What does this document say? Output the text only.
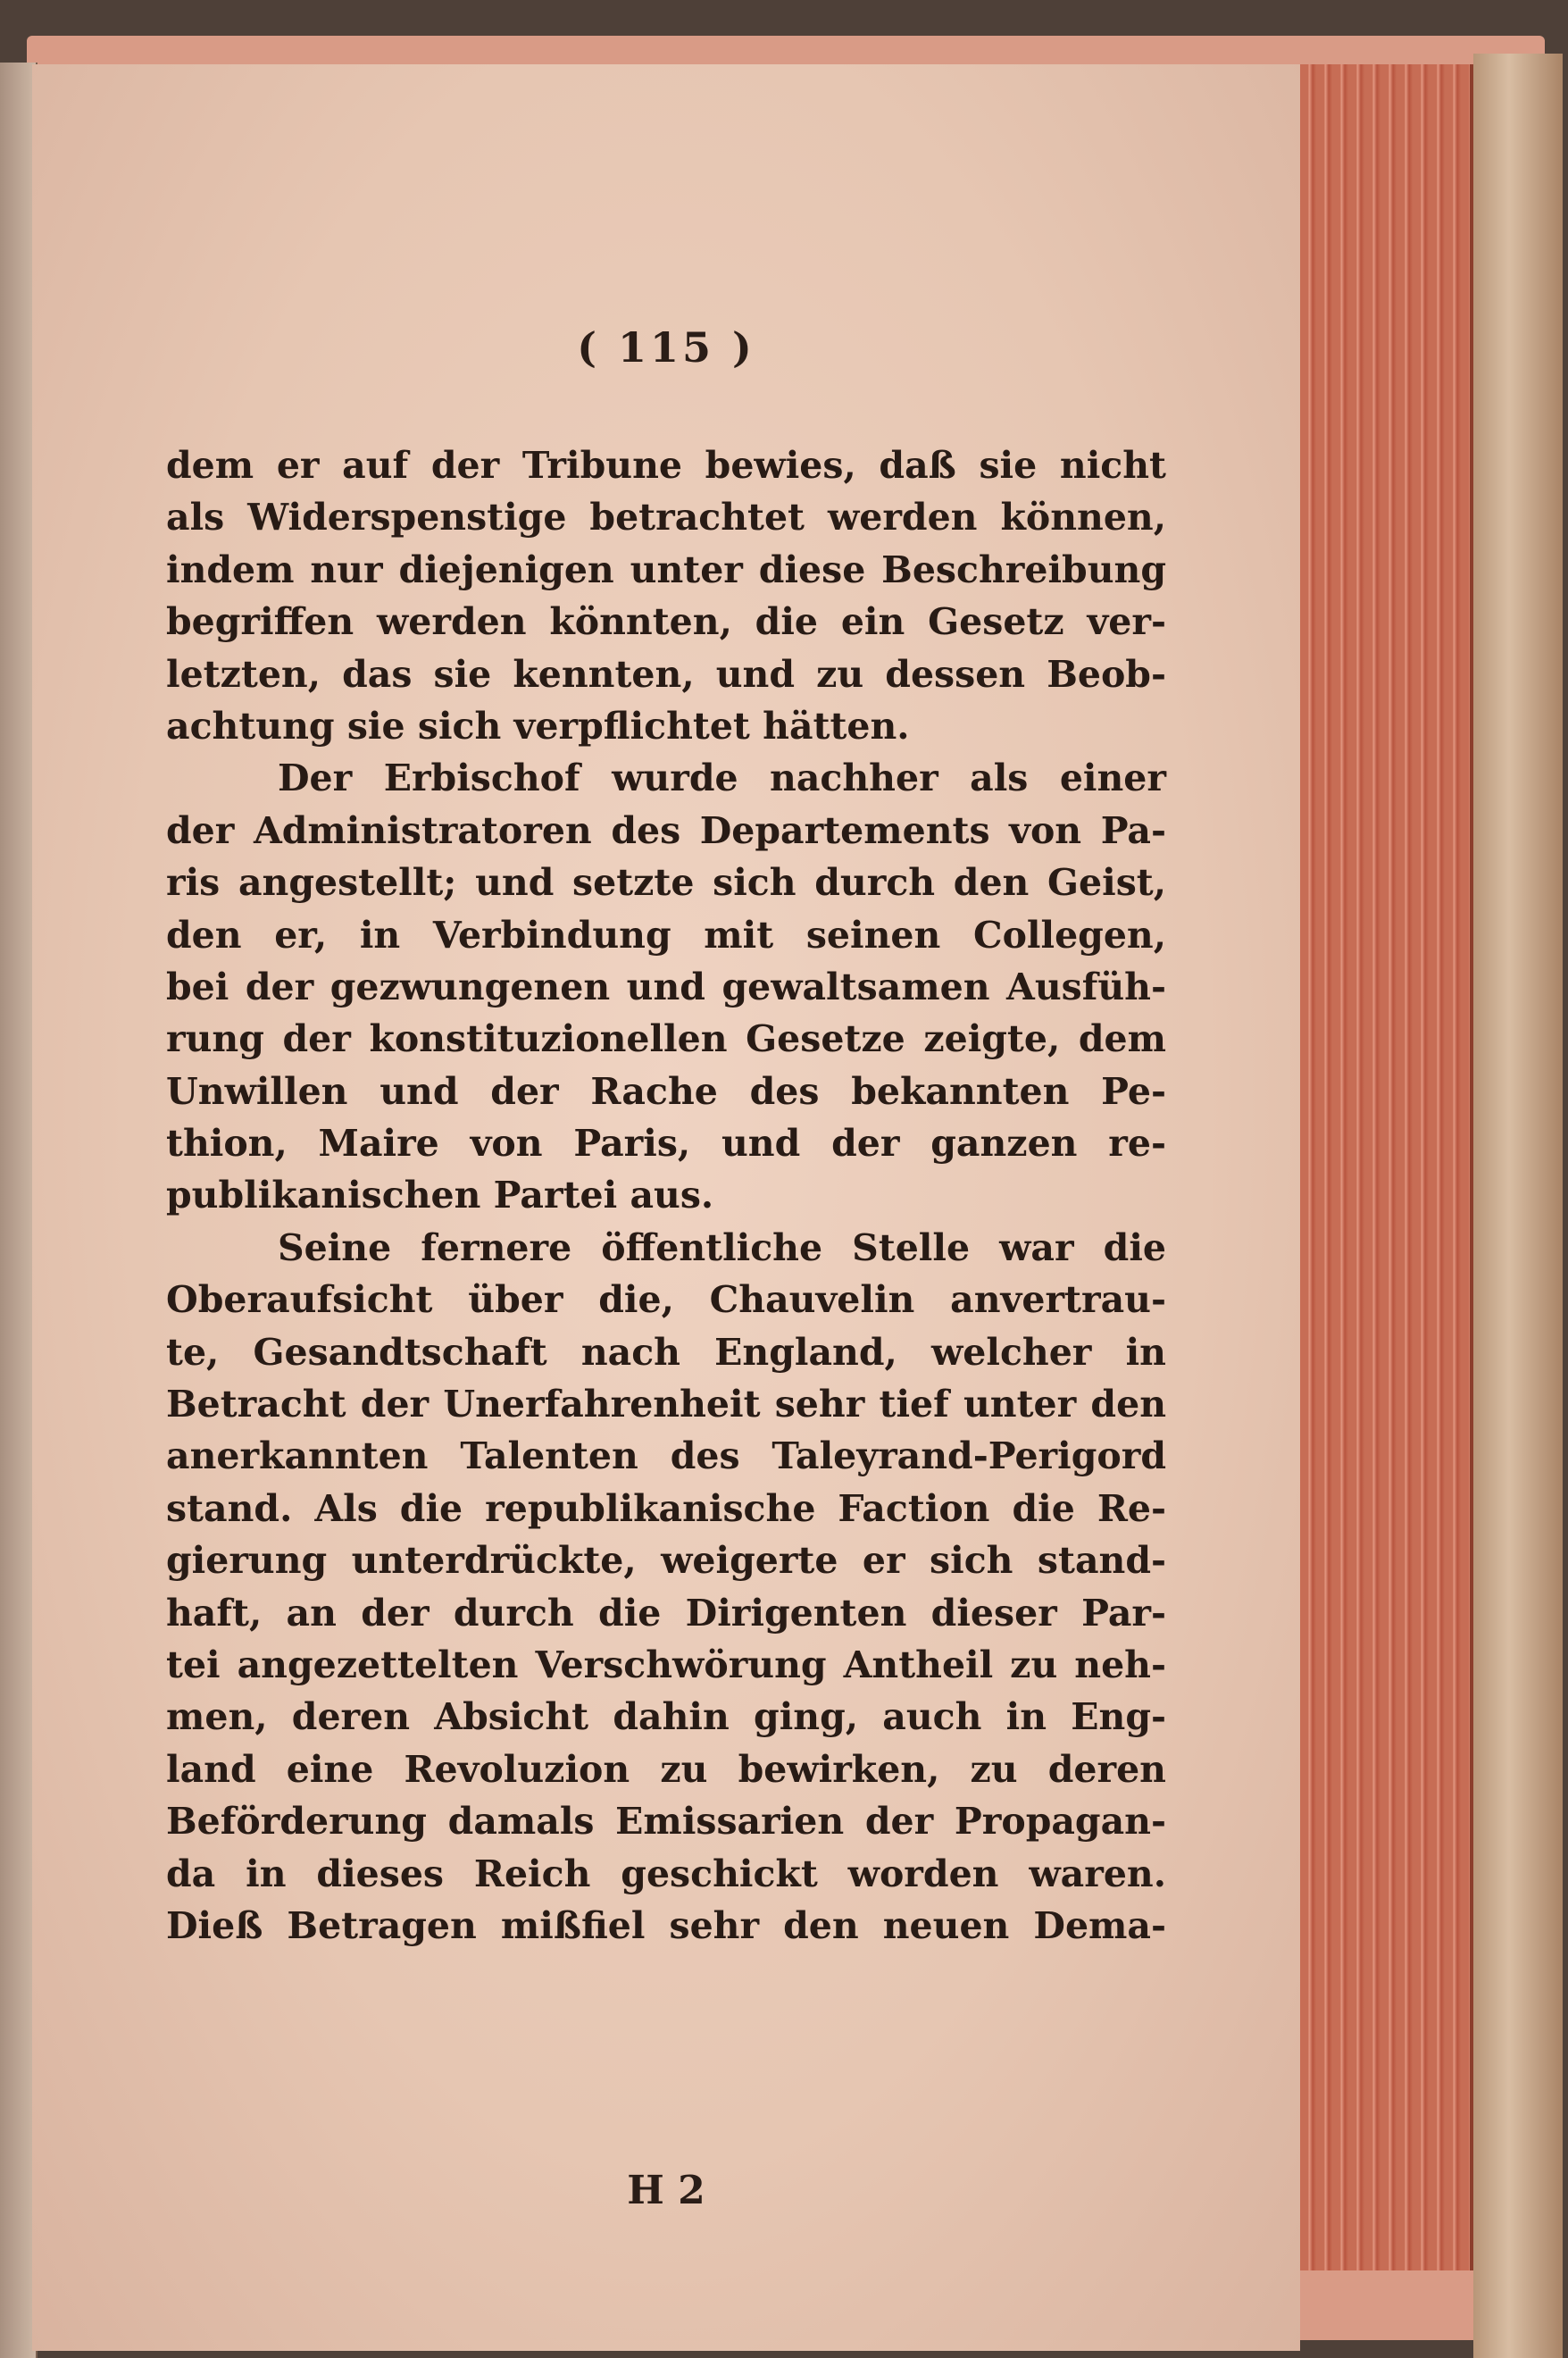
( 115 )
dem er auf der Tribune bewies, daß sie nicht
als Widerspenstige betrachtet werden können,
indem nur diejenigen unter diese Beschreibung
begriffen werden könnten, die ein Gesetz ver-
letzten, das sie kennten, und zu dessen Beob-
achtung sie sich verpflichtet hätten.
Der Erbischof wurde nachher als einer
der Administratoren des Departements von Pa-
ris angestellt; und setzte sich durch den Geist,
den er, in Verbindung mit seinen Collegen,
bei der gezwungenen und gewaltsamen Ausfüh-
rung der konstituzionellen Gesetze zeigte, dem
Unwillen und der Rache des bekannten Pe-
thion, Maire von Paris, und der ganzen re-
publikanischen Partei aus.
Seine fernere öffentliche Stelle war die
Oberaufsicht über die, Chauvelin anvertrau-
te, Gesandtschaft nach England, welcher in
Betracht der Unerfahrenheit sehr tief unter den
anerkannten Talenten des Taleyrand-Perigord
stand. Als die republikanische Faction die Re-
gierung unterdrückte, weigerte er sich stand-
haft, an der durch die Dirigenten dieser Par-
tei angezettelten Verschwörung Antheil zu neh-
men, deren Absicht dahin ging, auch in Eng-
land eine Revoluzion zu bewirken, zu deren
Beförderung damals Emissarien der Propagan-
da in dieses Reich geschickt worden waren.
Dieß Betragen mißfiel sehr den neuen Dema-
H 2
